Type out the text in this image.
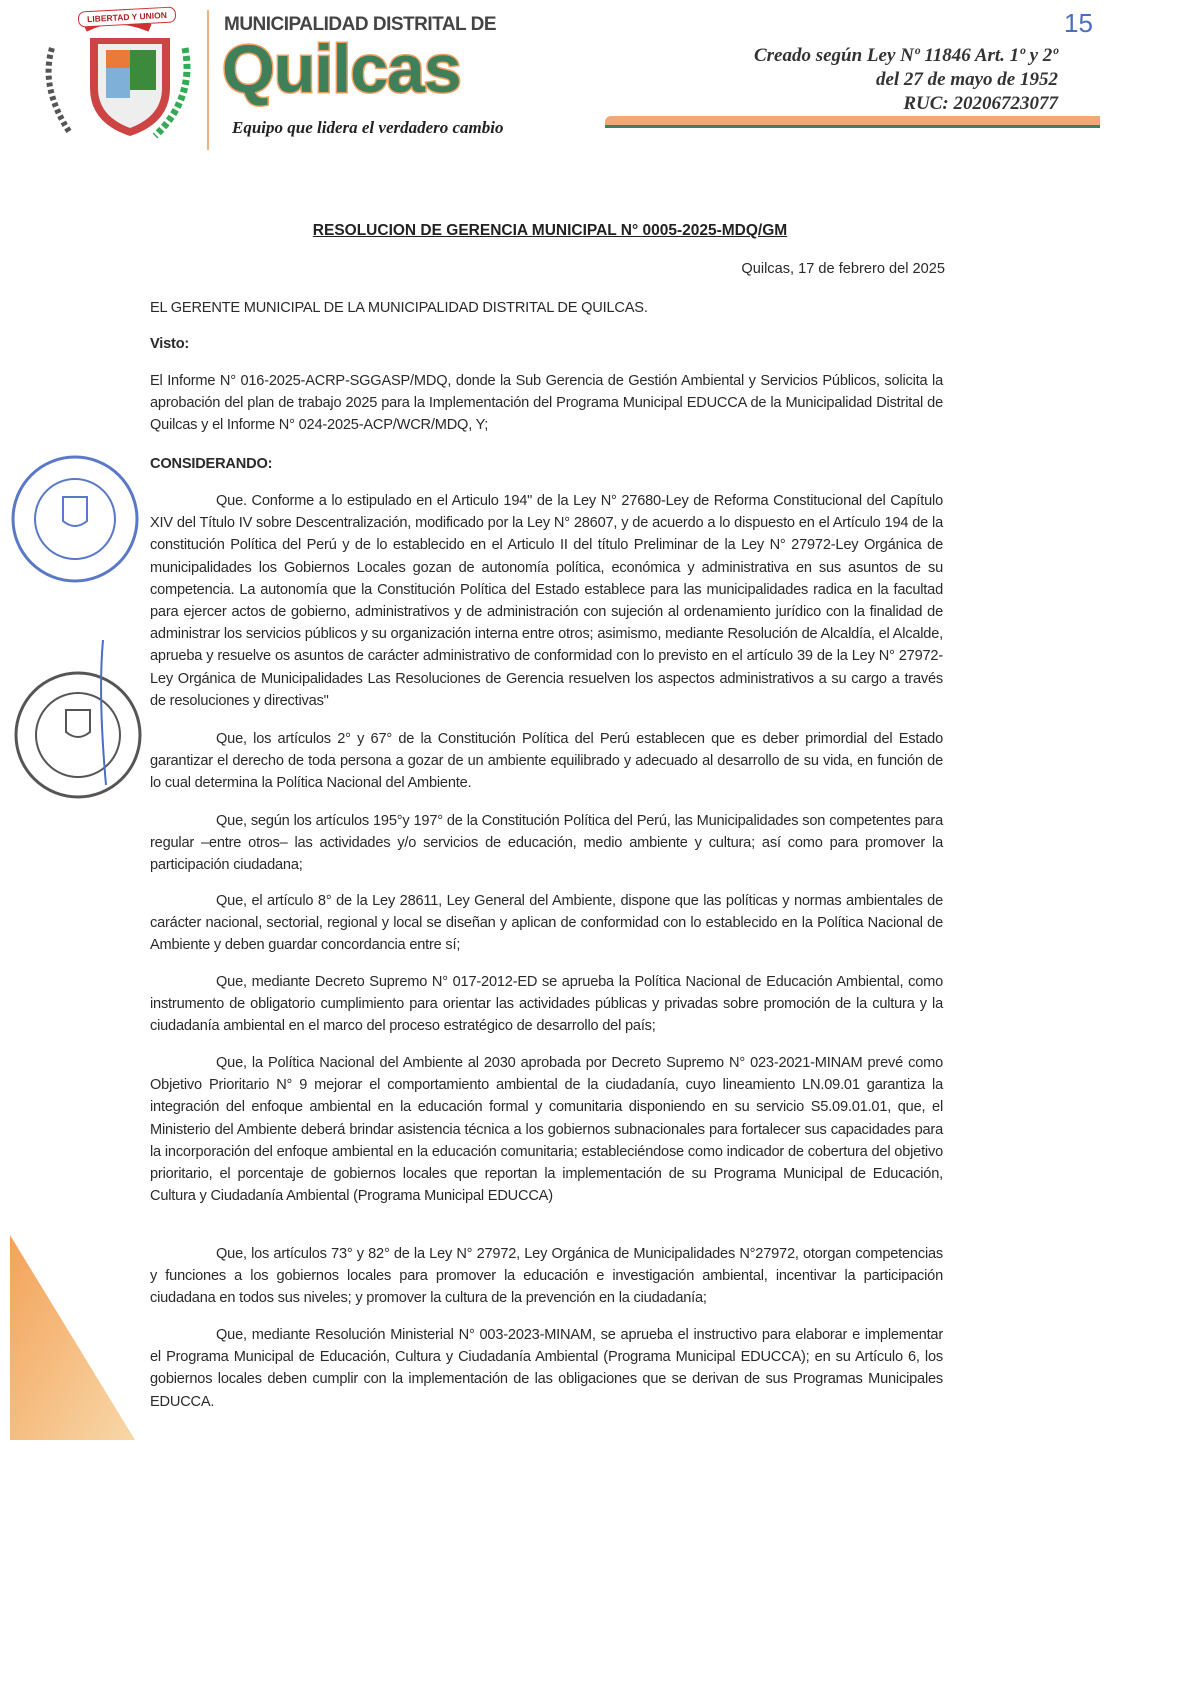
LIBERTAD Y UNION	MUNICIPALIDAD DISTRITAL DE
Quilcas
Equipo que lidera el verdadero cambio
15
Creado según Ley Nº 11846 Art. 1º y 2º
del 27 de mayo de 1952
RUC: 20206723077
RESOLUCION DE GERENCIA MUNICIPAL N° 0005-2025-MDQ/GM
Quilcas, 17 de febrero del 2025
EL GERENTE MUNICIPAL DE LA MUNICIPALIDAD DISTRITAL DE QUILCAS.
Visto:
El Informe N° 016-2025-ACRP-SGGASP/MDQ, donde la Sub Gerencia de Gestión Ambiental y Servicios Públicos, solicita la aprobación del plan de trabajo 2025 para la Implementación del Programa Municipal EDUCCA de la Municipalidad Distrital de Quilcas y el Informe N° 024-2025-ACP/WCR/MDQ, Y;
CONSIDERANDO:
Que. Conforme a lo estipulado en el Articulo 194" de la Ley N° 27680-Ley de Reforma Constitucional del Capítulo XIV del Título IV sobre Descentralización, modificado por la Ley N° 28607, y de acuerdo a lo dispuesto en el Artículo 194 de la constitución Política del Perú y de lo establecido en el Articulo II del título Preliminar de la Ley N° 27972-Ley Orgánica de municipalidades los Gobiernos Locales gozan de autonomía política, económica y administrativa en sus asuntos de su competencia. La autonomía que la Constitución Política del Estado establece para las municipalidades radica en la facultad para ejercer actos de gobierno, administrativos y de administración con sujeción al ordenamiento jurídico con la finalidad de administrar los servicios públicos y su organización interna entre otros; asimismo, mediante Resolución de Alcaldía, el Alcalde, aprueba y resuelve os asuntos de carácter administrativo de conformidad con lo previsto en el artículo 39 de la Ley N° 27972- Ley Orgánica de Municipalidades Las Resoluciones de Gerencia resuelven los aspectos administrativos a su cargo a través de resoluciones y directivas"
Que, los artículos 2° y 67° de la Constitución Política del Perú establecen que es deber primordial del Estado garantizar el derecho de toda persona a gozar de un ambiente equilibrado y adecuado al desarrollo de su vida, en función de lo cual determina la Política Nacional del Ambiente.
Que, según los artículos 195°y 197° de la Constitución Política del Perú, las Municipalidades son competentes para regular –entre otros– las actividades y/o servicios de educación, medio ambiente y cultura; así como para promover la participación ciudadana;
Que, el artículo 8° de la Ley 28611, Ley General del Ambiente, dispone que las políticas y normas ambientales de carácter nacional, sectorial, regional y local se diseñan y aplican de conformidad con lo establecido en la Política Nacional de Ambiente y deben guardar concordancia entre sí;
Que, mediante Decreto Supremo N° 017-2012-ED se aprueba la Política Nacional de Educación Ambiental, como instrumento de obligatorio cumplimiento para orientar las actividades públicas y privadas sobre promoción de la cultura y la ciudadanía ambiental en el marco del proceso estratégico de desarrollo del país;
Que, la Política Nacional del Ambiente al 2030 aprobada por Decreto Supremo N° 023-2021-MINAM prevé como Objetivo Prioritario N° 9 mejorar el comportamiento ambiental de la ciudadanía, cuyo lineamiento LN.09.01 garantiza la integración del enfoque ambiental en la educación formal y comunitaria disponiendo en su servicio S5.09.01.01, que, el Ministerio del Ambiente deberá brindar asistencia técnica a los gobiernos subnacionales para fortalecer sus capacidades para la incorporación del enfoque ambiental en la educación comunitaria; estableciéndose como indicador de cobertura del objetivo prioritario, el porcentaje de gobiernos locales que reportan la implementación de su Programa Municipal de Educación, Cultura y Ciudadanía Ambiental (Programa Municipal EDUCCA)
Que, los artículos 73° y 82° de la Ley N° 27972, Ley Orgánica de Municipalidades N°27972, otorgan competencias y funciones a los gobiernos locales para promover la educación e investigación ambiental, incentivar la participación ciudadana en todos sus niveles; y promover la cultura de la prevención en la ciudadanía;
Que, mediante Resolución Ministerial N° 003-2023-MINAM, se aprueba el instructivo para elaborar e implementar el Programa Municipal de Educación, Cultura y Ciudadanía Ambiental (Programa Municipal EDUCCA); en su Artículo 6, los gobiernos locales deben cumplir con la implementación de las obligaciones que se derivan de sus Programas Municipales EDUCCA.
